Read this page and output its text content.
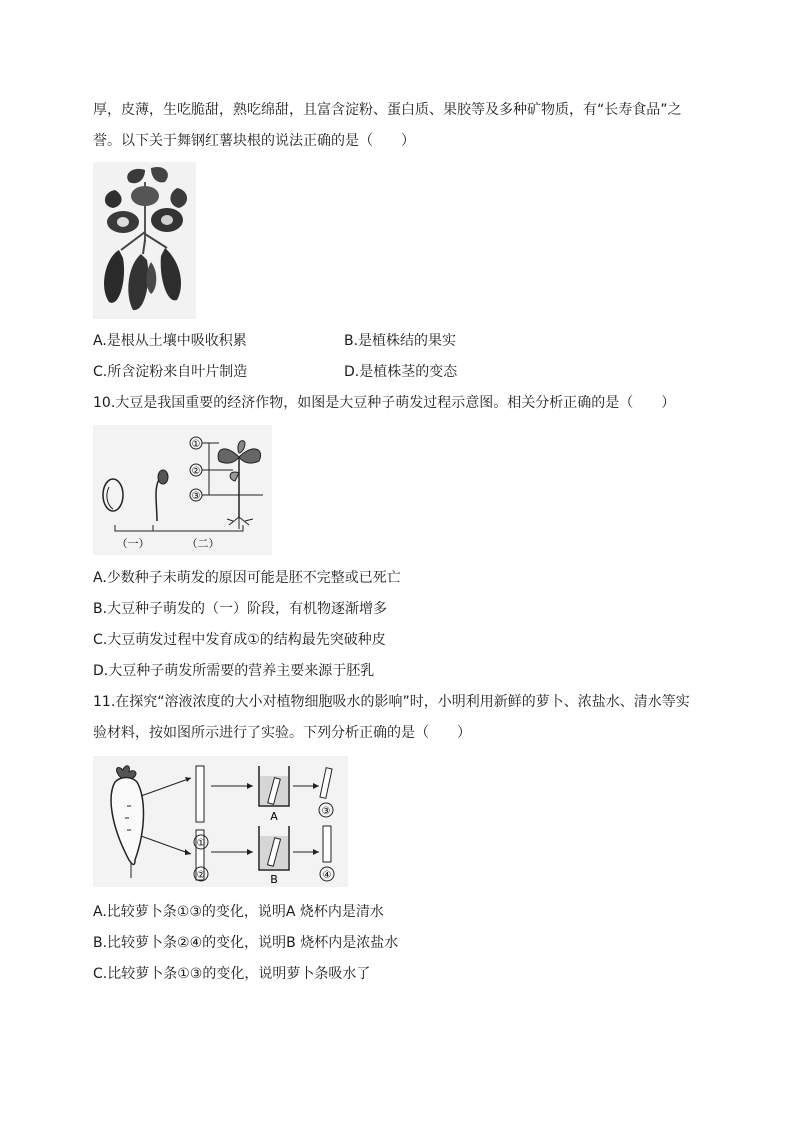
厚，皮薄，生吃脆甜，熟吃绵甜，且富含淀粉、蛋白质、果胶等及多种矿物质，有“长寿食品”之
誉。以下关于舞钢红薯块根的说法正确的是（　　）
A.是根从土壤中吸收积累	B.是植株结的果实
C.所含淀粉来自叶片制造	D.是植株茎的变态
10.大豆是我国重要的经济作物，如图是大豆种子萌发过程示意图。相关分析正确的是（　　）
①
②
③
（一）	（二）
A.少数种子未萌发的原因可能是胚不完整或已死亡
B.大豆种子萌发的（一）阶段，有机物逐渐增多
C.大豆萌发过程中发育成①的结构最先突破种皮
D.大豆种子萌发所需要的营养主要来源于胚乳
11.在探究“溶液浓度的大小对植物细胞吸水的影响”时，小明利用新鲜的萝卜、浓盐水、清水等实
验材料，按如图所示进行了实验。下列分析正确的是（　　）
①
②
A
B
③
④
A.比较萝卜条①③的变化，说明A 烧杯内是清水
B.比较萝卜条②④的变化，说明B 烧杯内是浓盐水
C.比较萝卜条①③的变化，说明萝卜条吸水了
